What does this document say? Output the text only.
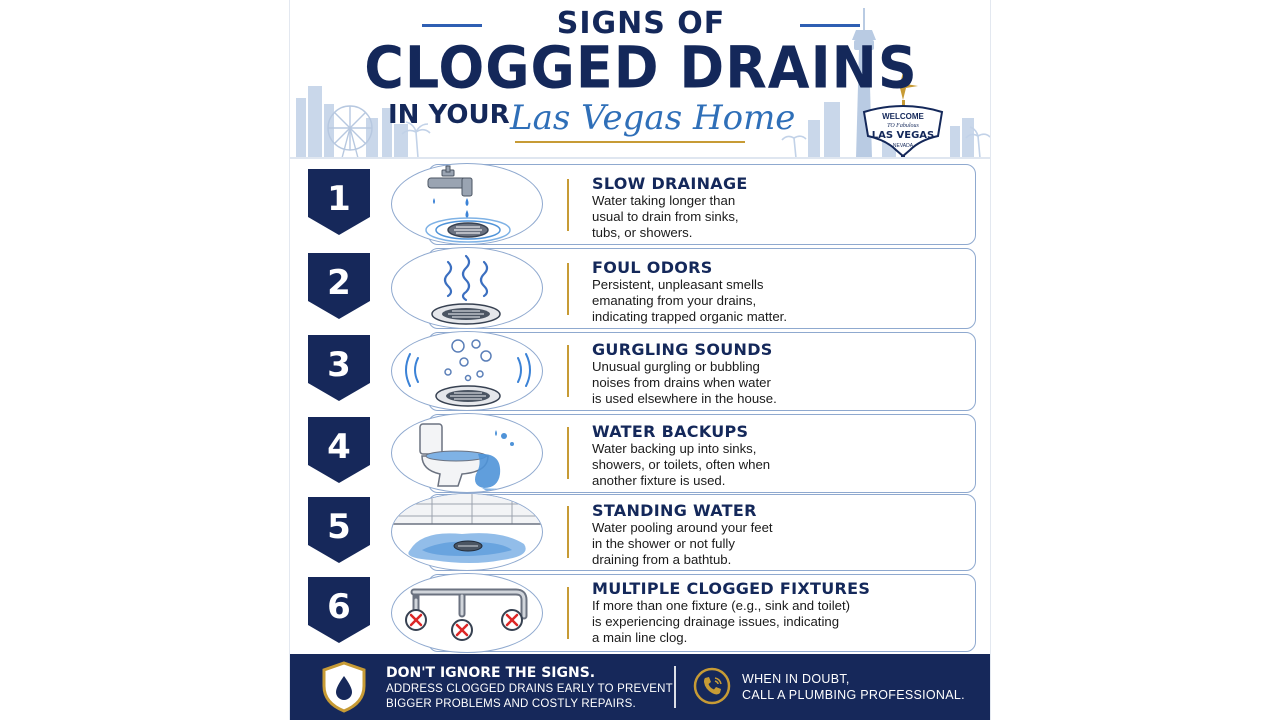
WELCOME
TO Fabulous
LAS VEGAS
NEVADA
SIGNS OF
CLOGGED DRAINS
IN YOUR Las Vegas Home
1	SLOW DRAINAGE
Water taking longer than
usual to drain from sinks,
tubs, or showers.
2	FOUL ODORS
Persistent, unpleasant smells
emanating from your drains,
indicating trapped organic matter.
3	GURGLING SOUNDS
Unusual gurgling or bubbling
noises from drains when water
is used elsewhere in the house.
4	WATER BACKUPS
Water backing up into sinks,
showers, or toilets, often when
another fixture is used.
5	STANDING WATER
Water pooling around your feet
in the shower or not fully
draining from a bathtub.
6	MULTIPLE CLOGGED FIXTURES
If more than one fixture (e.g., sink and toilet)
is experiencing drainage issues, indicating
a main line clog.
DON'T IGNORE THE SIGNS.
ADDRESS CLOGGED DRAINS EARLY TO PREVENT
BIGGER PROBLEMS AND COSTLY REPAIRS.
WHEN IN DOUBT,
CALL A PLUMBING PROFESSIONAL.
